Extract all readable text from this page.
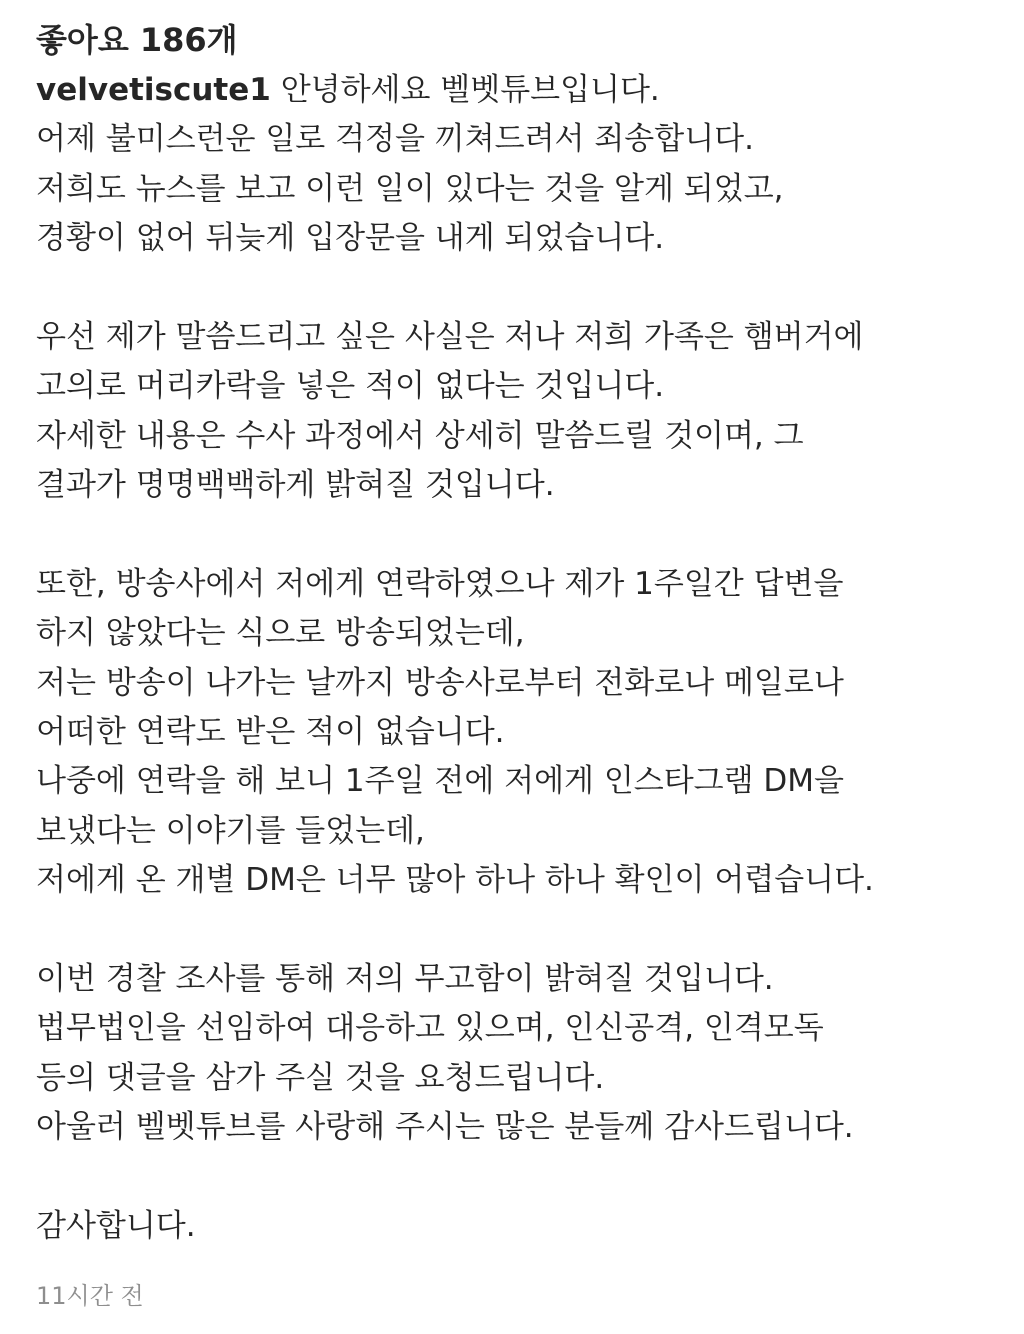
좋아요 186개
velvetiscute1 안녕하세요 벨벳튜브입니다.
어제 불미스런운 일로 걱정을 끼쳐드려서 죄송합니다.
저희도 뉴스를 보고 이런 일이 있다는 것을 알게 되었고,
경황이 없어 뒤늦게 입장문을 내게 되었습니다.
우선 제가 말씀드리고 싶은 사실은 저나 저희 가족은 햄버거에
고의로 머리카락을 넣은 적이 없다는 것입니다.
자세한 내용은 수사 과정에서 상세히 말씀드릴 것이며, 그
결과가 명명백백하게 밝혀질 것입니다.
또한, 방송사에서 저에게 연락하였으나 제가 1주일간 답변을
하지 않았다는 식으로 방송되었는데,
저는 방송이 나가는 날까지 방송사로부터 전화로나 메일로나
어떠한 연락도 받은 적이 없습니다.
나중에 연락을 해 보니 1주일 전에 저에게 인스타그램 DM을
보냈다는 이야기를 들었는데,
저에게 온 개별 DM은 너무 많아 하나 하나 확인이 어렵습니다.
이번 경찰 조사를 통해 저의 무고함이 밝혀질 것입니다.
법무법인을 선임하여 대응하고 있으며, 인신공격, 인격모독
등의 댓글을 삼가 주실 것을 요청드립니다.
아울러 벨벳튜브를 사랑해 주시는 많은 분들께 감사드립니다.
감사합니다.
11시간 전
